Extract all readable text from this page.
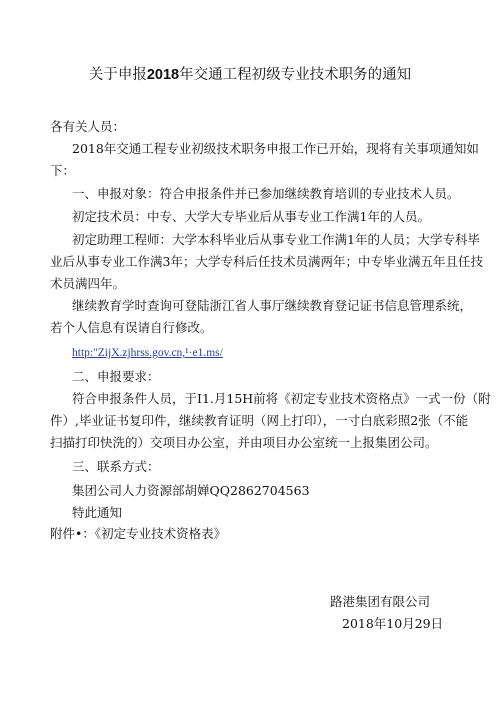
关于申报2018年交通工程初级专业技术职务的通知
各有关人员：
2018年交通工程专业初级技术职务申报工作已开始，现将有关事项通知如
下：
一、申报对象：符合申报条件并已参加继续教育培训的专业技术人员。
初定技术员：中专、大学大专毕业后从事专业工作满1年的人员。
初定助理工程师：大学本科毕业后从事专业工作满1年的人员；大学专科毕
业后从事专业工作满3年；大学专科后任技术员满两年；中专毕业满五年且任技
术员满四年。
继续教育学时查询可登陆浙江省人事厅继续教育登记证书信息管理系统，
若个人信息有误请自行修改。
http:"ZijX.zjhrss.gov.cn,¹·e1.ms/
二、申报要求：
符合申报条件人员，于I1.月15H前将《初定专业技术资格点》一式一份（附
件）,毕业证书复印件，继续教育证明（网上打印），一寸白底彩照2张（不能
扫描打印快洗的）交项目办公室，并由项目办公室统一上报集团公司。
三、联系方式：
集团公司人力资源部胡婵QQ2862704563
特此通知
附件•：《初定专业技术资格表》
路港集团有限公司
2018年10月29日
